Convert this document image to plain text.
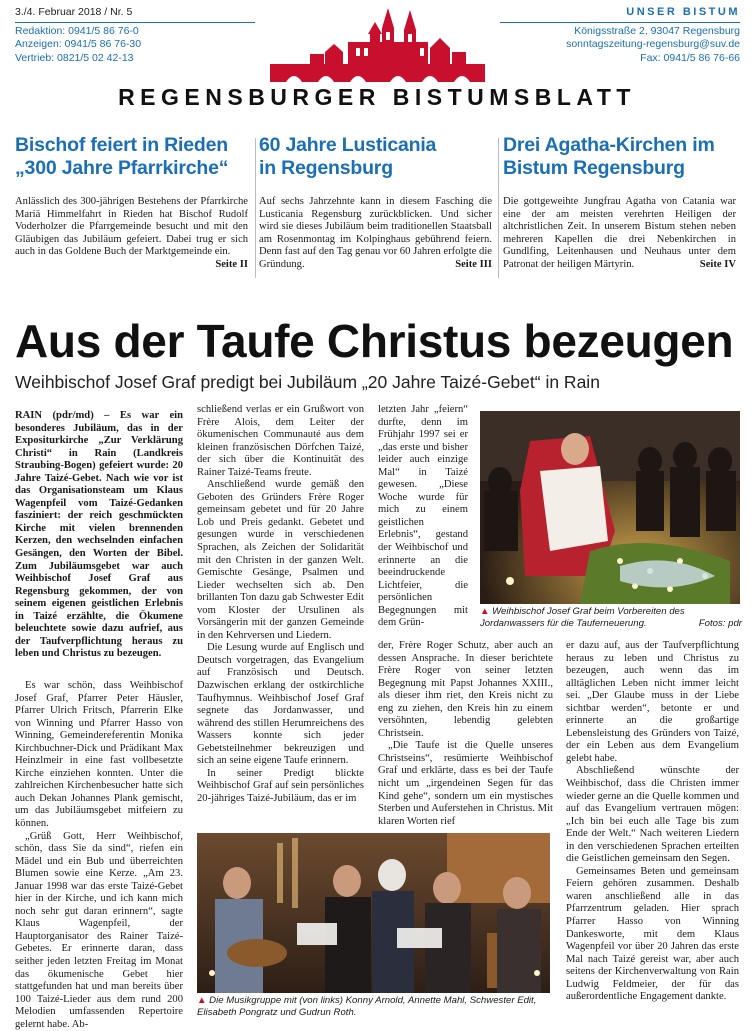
3./4. Februar 2018 / Nr. 5
Redaktion: 0941/5 86 76-0
Anzeigen: 0941/5 86 76-30
Vertrieb: 0821/5 02 42-13
UNSER BISTUM
Königsstraße 2, 93047 Regensburg
sonntagszeitung-regensburg@suv.de
Fax: 0941/5 86 76-66
REGENSBURGER BISTUMSBLATT
Bischof feiert in Rieden
„300 Jahre Pfarrkirche“

Anlässlich des 300-jährigen Bestehens der Pfarrkirche Mariä Himmelfahrt in Rieden hat Bischof Rudolf Voderholzer die Pfarrgemeinde besucht und mit den Gläubigen das Jubiläum gefeiert. Dabei trug er sich auch in das Goldene Buch der Marktgemeinde ein.
Seite II

60 Jahre Lusticania
in Regensburg

Auf sechs Jahrzehnte kann in diesem Fasching die Lusticania Regensburg zurückblicken. Und sicher wird sie dieses Jubiläum beim traditionellen Staatsball am Rosenmontag im Kolpinghaus gebührend feiern. Denn fast auf den Tag genau vor 60 Jahren erfolgte die Gründung.	Seite III

Drei Agatha-Kirchen im
Bistum Regensburg

Die gottgeweihte Jungfrau Agatha von Catania war eine der am meisten verehrten Heiligen der altchristlichen Zeit. In unserem Bistum stehen neben mehreren Kapellen die drei Nebenkirchen in Gundlfing, Leitenhausen und Neuhaus unter dem Patronat der heiligen Märtyrin.	Seite IV

Aus der Taufe Christus bezeugen
Weihbischof Josef Graf predigt bei Jubiläum „20 Jahre Taizé-Gebet“ in Rain

RAIN (pdr/md) – Es war ein besonderes Jubiläum, das in der Expositurkirche „Zur Verklärung Christi“ in Rain (Landkreis Straubing-Bogen) gefeiert wurde: 20 Jahre Taizé-Gebet. Nach wie vor ist das Organisationsteam um Klaus Wagenpfeil vom Taizé-Gedanken fasziniert: der reich geschmückten Kirche mit vielen brennenden Kerzen, den wechselnden einfachen Gesängen, den Worten der Bibel. Zum Jubiläumsgebet war auch Weihbischof Josef Graf aus Regensburg gekommen, der von seinem eigenen geistlichen Erlebnis in Taizé erzählte, die Ökumene beleuchtete sowie dazu aufrief, aus der Taufverpflichtung heraus zu leben und Christus zu bezeugen.

Es war schön, dass Weihbischof Josef Graf, Pfarrer Peter Häusler, Pfarrer Ulrich Fritsch, Pfarrerin Elke von Winning und Pfarrer Hasso von Winning, Gemeindereferentin Monika Kirchbuchner-Dick und Prädikant Max Heinzlmeir in eine fast vollbesetzte Kirche einziehen konnten. Unter die zahlreichen Kirchenbesucher hatte sich auch Dekan Johannes Plank gemischt, um das Jubiläumsgebet mitfeiern zu können.

„Grüß Gott, Herr Weihbischof, schön, dass Sie da sind“, riefen ein Mädel und ein Bub und überreichten Blumen sowie eine Kerze. „Am 23. Januar 1998 war das erste Taizé-Gebet hier in der Kirche, und ich kann mich noch sehr gut daran erinnern“, sagte Klaus Wagenpfeil, der Hauptorganisator des Rainer Taizé-Gebetes. Er erinnerte daran, dass seither jeden letzten Freitag im Monat das ökumenische Gebet hier stattgefunden hat und man bereits über 100 Taizé-Lieder aus dem rund 200 Melodien umfassenden Repertoire gelernt habe. Ab-

schließend verlas er ein Grußwort von Frère Alois, dem Leiter der ökumenischen Communauté aus dem kleinen französischen Dörfchen Taizé, der sich über die Kontinuität des Rainer Taizé-Teams freute.

Anschließend wurde gemäß den Geboten des Gründers Frère Roger gemeinsam gebetet und für 20 Jahre Lob und Preis gedankt. Gebetet und gesungen wurde in verschiedenen Sprachen, als Zeichen der Solidarität mit den Christen in der ganzen Welt. Gemischte Gesänge, Psalmen und Lieder wechselten sich ab. Den brillanten Ton dazu gab Schwester Edit vom Kloster der Ursulinen als Vorsängerin mit der ganzen Gemeinde in den Kehrversen und Liedern.

Die Lesung wurde auf Englisch und Deutsch vorgetragen, das Evangelium auf Französisch und Deutsch. Dazwischen erklang der ostkirchliche Taufhymnus. Weihbischof Josef Graf segnete das Jordanwasser, und während des stillen Herumreichens des Wassers konnte sich jeder Gebetsteilnehmer bekreuzigen und sich an seine eigene Taufe erinnern.

In seiner Predigt blickte Weihbischof Graf auf sein persönliches 20-jähriges Taizé-Jubiläum, das er im

letzten Jahr „feiern“ durfte, denn im Frühjahr 1997 sei er „das erste und bisher leider auch einzige Mal“ in Taizé gewesen. „Diese Woche wurde für mich zu einem geistlichen Erlebnis“, gestand der Weihbischof und erinnerte an die beeindruckende Lichtfeier, die persönlichen Begegnungen mit dem Grün-

der, Frère Roger Schutz, aber auch an dessen Ansprache. In dieser berichtete Frère Roger von seiner letzten Begegnung mit Papst Johannes XXIII., als dieser ihm riet, den Kreis nicht zu eng zu ziehen, den Kreis hin zu einem versöhnten, lebendig gelebten Christsein.

„Die Taufe ist die Quelle unseres Christseins“, resümierte Weihbischof Graf und erklärte, dass es bei der Taufe nicht um „irgendeinen Segen für das Kind gehe“, sondern um ein mystisches Sterben und Auferstehen in Christus. Mit klaren Worten rief

er dazu auf, aus der Taufverpflichtung heraus zu leben und Christus zu bezeugen, auch wenn das im alltäglichen Leben nicht immer leicht sei. „Der Glaube muss in der Liebe sichtbar werden“, betonte er und erinnerte an die großartige Lebensleistung des Gründers von Taizé, der ein Leben aus dem Evangelium gelebt habe.

Abschließend wünschte der Weihbischof, dass die Christen immer wieder gerne an die Quelle kommen und auf das Evangelium vertrauen mögen: „Ich bin bei euch alle Tage bis zum Ende der Welt.“ Nach weiteren Liedern in den verschiedenen Sprachen erteilten die Geistlichen gemeinsam den Segen.

Gemeinsames Beten und gemeinsam Feiern gehören zusammen. Deshalb waren anschließend alle in das Pfarrzentrum geladen. Hier sprach Pfarrer Hasso von Winning Dankesworte, mit dem Klaus Wagenpfeil vor über 20 Jahren das erste Mal nach Taizé gereist war, aber auch seitens der Kirchenverwaltung von Rain Ludwig Feldmeier, der für das außerordentliche Engagement dankte.

▲ Weihbischof Josef Graf beim Vorbereiten des Jordanwassers für die Tauferneuerung.	Fotos: pdr
▲ Die Musikgruppe mit (von links) Konny Arnold, Annette Mahl, Schwester Edit, Elisabeth Pongratz und Gudrun Roth.
